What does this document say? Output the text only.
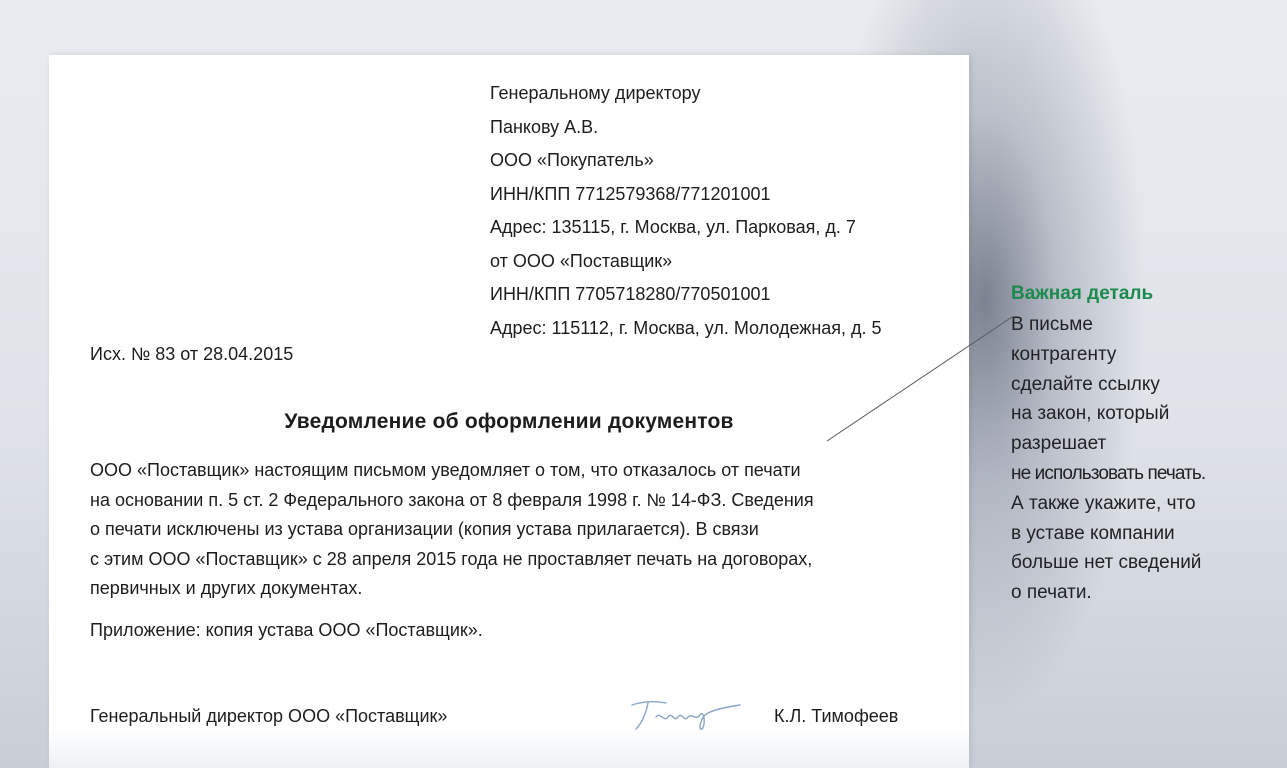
Генеральному директору
Панкову А.В.
ООО «Покупатель»
ИНН/КПП 7712579368/771201001
Адрес: 135115, г. Москва, ул. Парковая, д. 7
от ООО «Поставщик»
ИНН/КПП 7705718280/770501001
Адрес: 115112, г. Москва, ул. Молодежная, д. 5
Исх. № 83 от 28.04.2015
Уведомление об оформлении документов
ООО «Поставщик» настоящим письмом уведомляет о том, что отказалось от печати
на основании п. 5 ст. 2 Федерального закона от 8 февраля 1998 г. № 14-ФЗ. Сведения
о печати исключены из устава организации (копия устава прилагается). В связи
с этим ООО «Поставщик» с 28 апреля 2015 года не проставляет печать на договорах,
первичных и других документах.
Приложение: копия устава ООО «Поставщик».
Генеральный директор ООО «Поставщик»	К.Л. Тимофеев
Важная деталь
В письме
контрагенту
сделайте ссылку
на закон, который
разрешает
не использовать печать.
А также укажите, что
в уставе компании
больше нет сведений
о печати.
